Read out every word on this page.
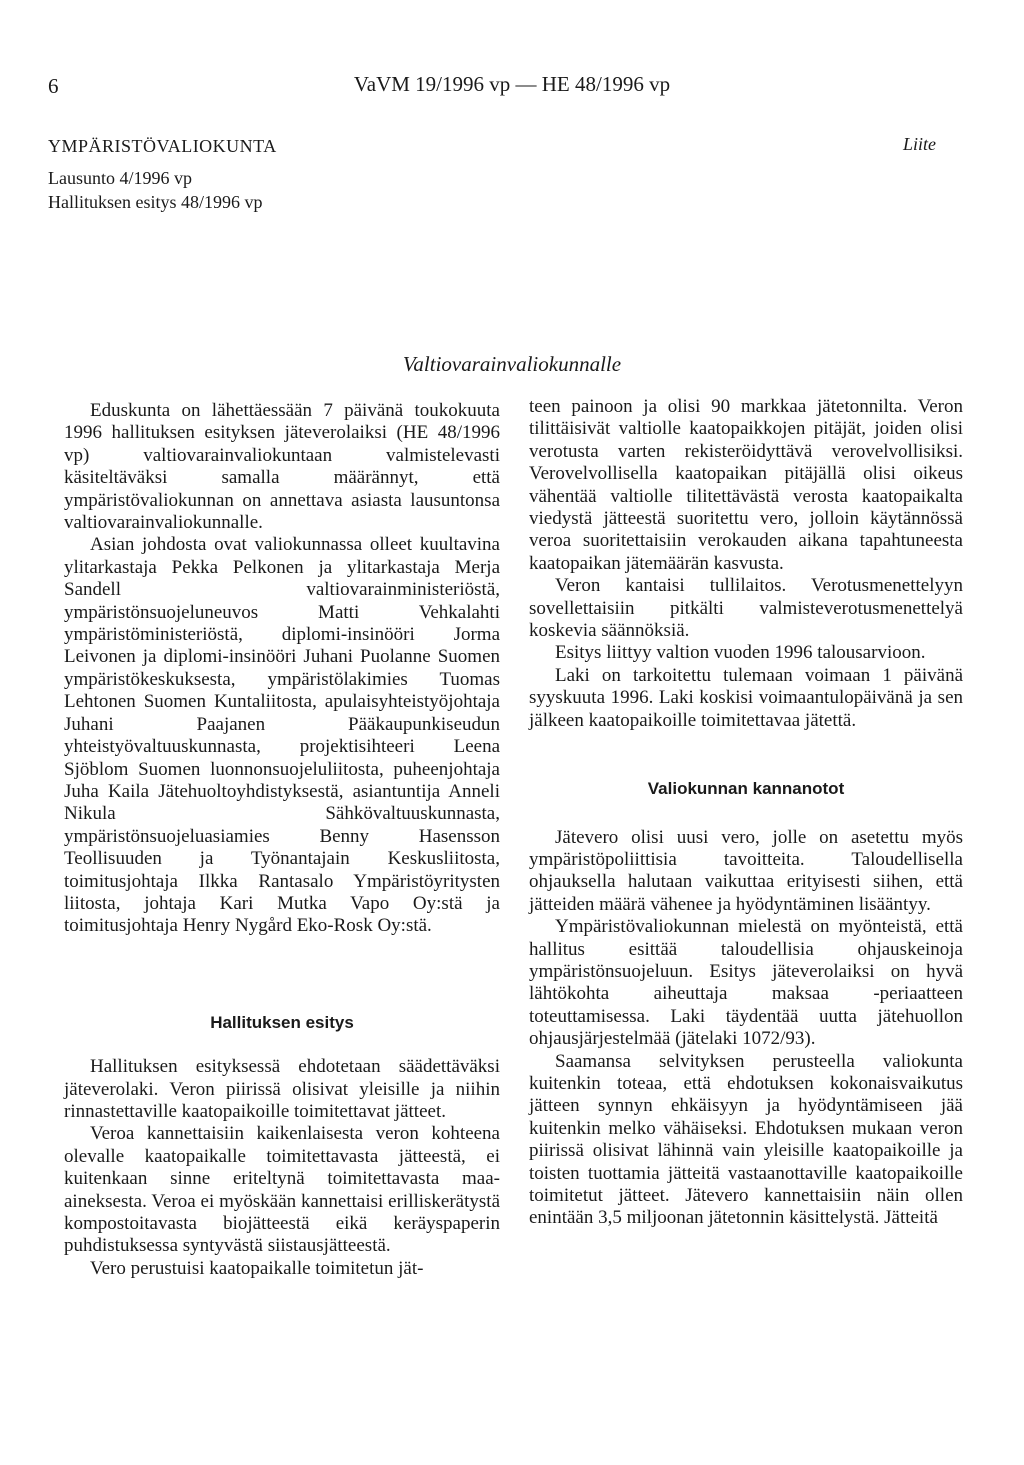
6	VaVM 19/1996 vp — HE 48/1996 vp
YMPÄRISTÖVALIOKUNTA
Lausunto 4/1996 vp
Hallituksen esitys 48/1996 vp
Liite
Valtiovarainvaliokunnalle

Eduskunta on lähettäessään 7 päivänä toukokuuta 1996 hallituksen esityksen jäteverolaiksi (HE 48/1996 vp) valtiovarainvaliokuntaan valmistelevasti käsiteltäväksi samalla määrännyt, että ympäristövaliokunnan on annettava asiasta lausuntonsa valtiovarainvaliokunnalle.

Asian johdosta ovat valiokunnassa olleet kuultavina ylitarkastaja Pekka Pelkonen ja ylitarkastaja Merja Sandell valtiovarainministeriöstä, ympäristönsuojeluneuvos Matti Vehkalahti ympäristöministeriöstä, diplomi-insinööri Jorma Leivonen ja diplomi-insinööri Juhani Puolanne Suomen ympäristökeskuksesta, ympäristölakimies Tuomas Lehtonen Suomen Kuntaliitosta, apulaisyhteistyöjohtaja Juhani Paajanen Pääkaupunkiseudun yhteistyövaltuuskunnasta, projektisihteeri Leena Sjöblom Suomen luonnonsuojeluliitosta, puheenjohtaja Juha Kaila Jätehuoltoyhdistyksestä, asiantuntija Anneli Nikula Sähkövaltuuskunnasta, ympäristönsuojeluasiamies Benny Hasensson Teollisuuden ja Työnantajain Keskusliitosta, toimitusjohtaja Ilkka Rantasalo Ympäristöyritysten liitosta, johtaja Kari Mutka Vapo Oy:stä ja toimitusjohtaja Henry Nygård Eko-Rosk Oy:stä.

Hallituksen esitys

Hallituksen esityksessä ehdotetaan säädettäväksi jäteverolaki. Veron piirissä olisivat yleisille ja niihin rinnastettaville kaatopaikoille toimitettavat jätteet.

Veroa kannettaisiin kaikenlaisesta veron kohteena olevalle kaatopaikalle toimitettavasta jätteestä, ei kuitenkaan sinne eriteltynä toimitettavasta maa-aineksesta. Veroa ei myöskään kannettaisi erilliskerätystä kompostoitavasta biojätteestä eikä keräyspaperin puhdistuksessa syntyvästä siistausjätteestä.

Vero perustuisi kaatopaikalle toimitetun jät-

teen painoon ja olisi 90 markkaa jätetonnilta. Veron tilittäisivät valtiolle kaatopaikkojen pitäjät, joiden olisi verotusta varten rekisteröidyttävä verovelvollisiksi. Verovelvollisella kaatopaikan pitäjällä olisi oikeus vähentää valtiolle tilitettävästä verosta kaatopaikalta viedystä jätteestä suoritettu vero, jolloin käytännössä veroa suoritettaisiin verokauden aikana tapahtuneesta kaatopaikan jätemäärän kasvusta.

Veron kantaisi tullilaitos. Verotusmenettelyyn sovellettaisiin pitkälti valmisteverotusmenettelyä koskevia säännöksiä.

Esitys liittyy valtion vuoden 1996 talousarvioon.

Laki on tarkoitettu tulemaan voimaan 1 päivänä syyskuuta 1996. Laki koskisi voimaantulopäivänä ja sen jälkeen kaatopaikoille toimitettavaa jätettä.

Valiokunnan kannanotot

Jätevero olisi uusi vero, jolle on asetettu myös ympäristöpoliittisia tavoitteita. Taloudellisella ohjauksella halutaan vaikuttaa erityisesti siihen, että jätteiden määrä vähenee ja hyödyntäminen lisääntyy.

Ympäristövaliokunnan mielestä on myönteistä, että hallitus esittää taloudellisia ohjauskeinoja ympäristönsuojeluun. Esitys jäteverolaiksi on hyvä lähtökohta aiheuttaja maksaa -periaatteen toteuttamisessa. Laki täydentää uutta jätehuollon ohjausjärjestelmää (jätelaki 1072/93).

Saamansa selvityksen perusteella valiokunta kuitenkin toteaa, että ehdotuksen kokonaisvaikutus jätteen synnyn ehkäisyyn ja hyödyntämiseen jää kuitenkin melko vähäiseksi. Ehdotuksen mukaan veron piirissä olisivat lähinnä vain yleisille kaatopaikoille ja toisten tuottamia jätteitä vastaanottaville kaatopaikoille toimitetut jätteet. Jätevero kannettaisiin näin ollen enintään 3,5 miljoonan jätetonnin käsittelystä. Jätteitä
